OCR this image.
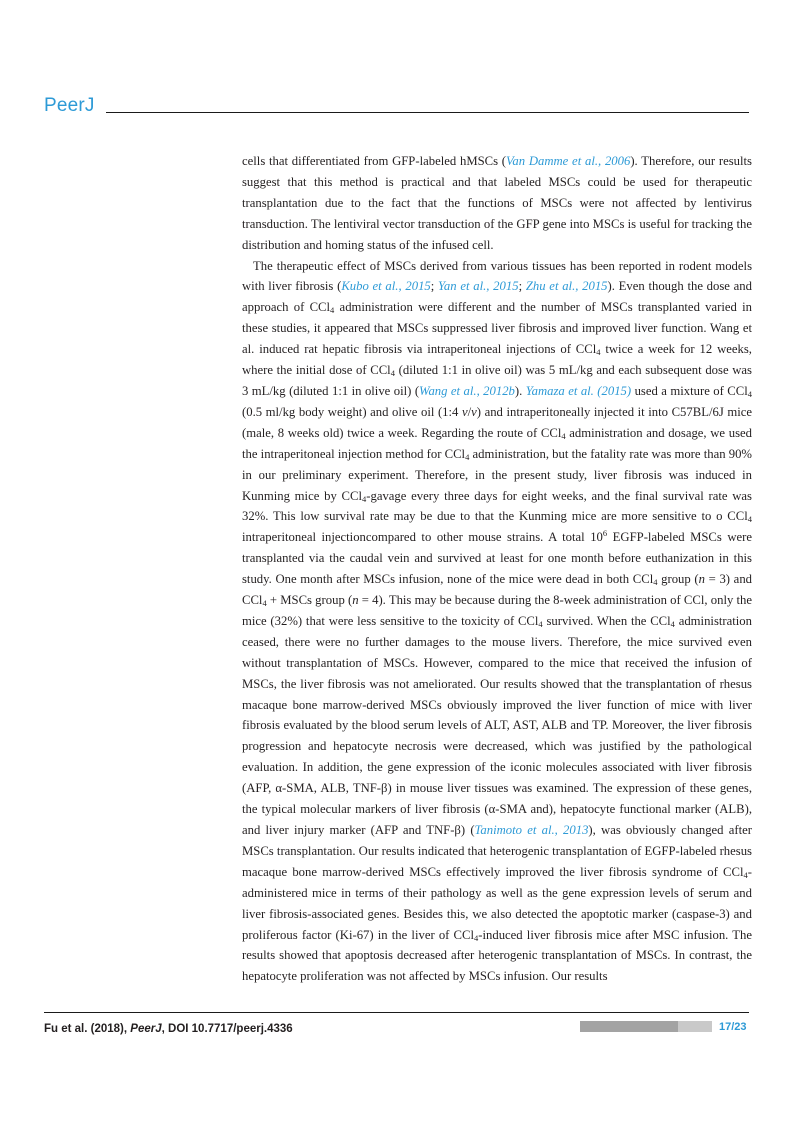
PeerJ

cells that differentiated from GFP-labeled hMSCs (Van Damme et al., 2006). Therefore, our results suggest that this method is practical and that labeled MSCs could be used for therapeutic transplantation due to the fact that the functions of MSCs were not affected by lentivirus transduction. The lentiviral vector transduction of the GFP gene into MSCs is useful for tracking the distribution and homing status of the infused cell.

The therapeutic effect of MSCs derived from various tissues has been reported in rodent models with liver fibrosis (Kubo et al., 2015; Yan et al., 2015; Zhu et al., 2015). Even though the dose and approach of CCl$_4$ administration were different and the number of MSCs transplanted varied in these studies, it appeared that MSCs suppressed liver fibrosis and improved liver function. Wang et al. induced rat hepatic fibrosis via intraperitoneal injections of CCl$_4$ twice a week for 12 weeks, where the initial dose of CCl$_4$ (diluted 1:1 in olive oil) was 5 mL/kg and each subsequent dose was 3 mL/kg (diluted 1:1 in olive oil) (Wang et al., 2012b). Yamaza et al. (2015) used a mixture of CCl$_4$ (0.5 ml/kg body weight) and olive oil (1:4 v/v) and intraperitoneally injected it into C57BL/6J mice (male, 8 weeks old) twice a week. Regarding the route of CCl$_4$ administration and dosage, we used the intraperitoneal injection method for CCl$_4$ administration, but the fatality rate was more than 90% in our preliminary experiment. Therefore, in the present study, liver fibrosis was induced in Kunming mice by CCl$_4$-gavage every three days for eight weeks, and the final survival rate was 32%. This low survival rate may be due to that the Kunming mice are more sensitive to o CCl$_4$ intraperitoneal injectioncompared to other mouse strains. A total $10^6$ EGFP-labeled MSCs were transplanted via the caudal vein and survived at least for one month before euthanization in this study. One month after MSCs infusion, none of the mice were dead in both CCl$_4$ group (n = 3) and CCl$_4$ + MSCs group (n = 4). This may be because during the 8-week administration of CCl, only the mice (32%) that were less sensitive to the toxicity of CCl$_4$ survived. When the CCl$_4$ administration ceased, there were no further damages to the mouse livers. Therefore, the mice survived even without transplantation of MSCs. However, compared to the mice that received the infusion of MSCs, the liver fibrosis was not ameliorated. Our results showed that the transplantation of rhesus macaque bone marrow-derived MSCs obviously improved the liver function of mice with liver fibrosis evaluated by the blood serum levels of ALT, AST, ALB and TP. Moreover, the liver fibrosis progression and hepatocyte necrosis were decreased, which was justified by the pathological evaluation. In addition, the gene expression of the iconic molecules associated with liver fibrosis (AFP, α-SMA, ALB, TNF-β) in mouse liver tissues was examined. The expression of these genes, the typical molecular markers of liver fibrosis (α-SMA and), hepatocyte functional marker (ALB), and liver injury marker (AFP and TNF-β) (Tanimoto et al., 2013), was obviously changed after MSCs transplantation. Our results indicated that heterogenic transplantation of EGFP-labeled rhesus macaque bone marrow-derived MSCs effectively improved the liver fibrosis syndrome of CCl$_4$-administered mice in terms of their pathology as well as the gene expression levels of serum and liver fibrosis-associated genes. Besides this, we also detected the apoptotic marker (caspase-3) and proliferous factor (Ki-67) in the liver of CCl$_4$-induced liver fibrosis mice after MSC infusion. The results showed that apoptosis decreased after heterogenic transplantation of MSCs. In contrast, the hepatocyte proliferation was not affected by MSCs infusion. Our results

Fu et al. (2018), PeerJ, DOI 10.7717/peerj.4336	17/23
